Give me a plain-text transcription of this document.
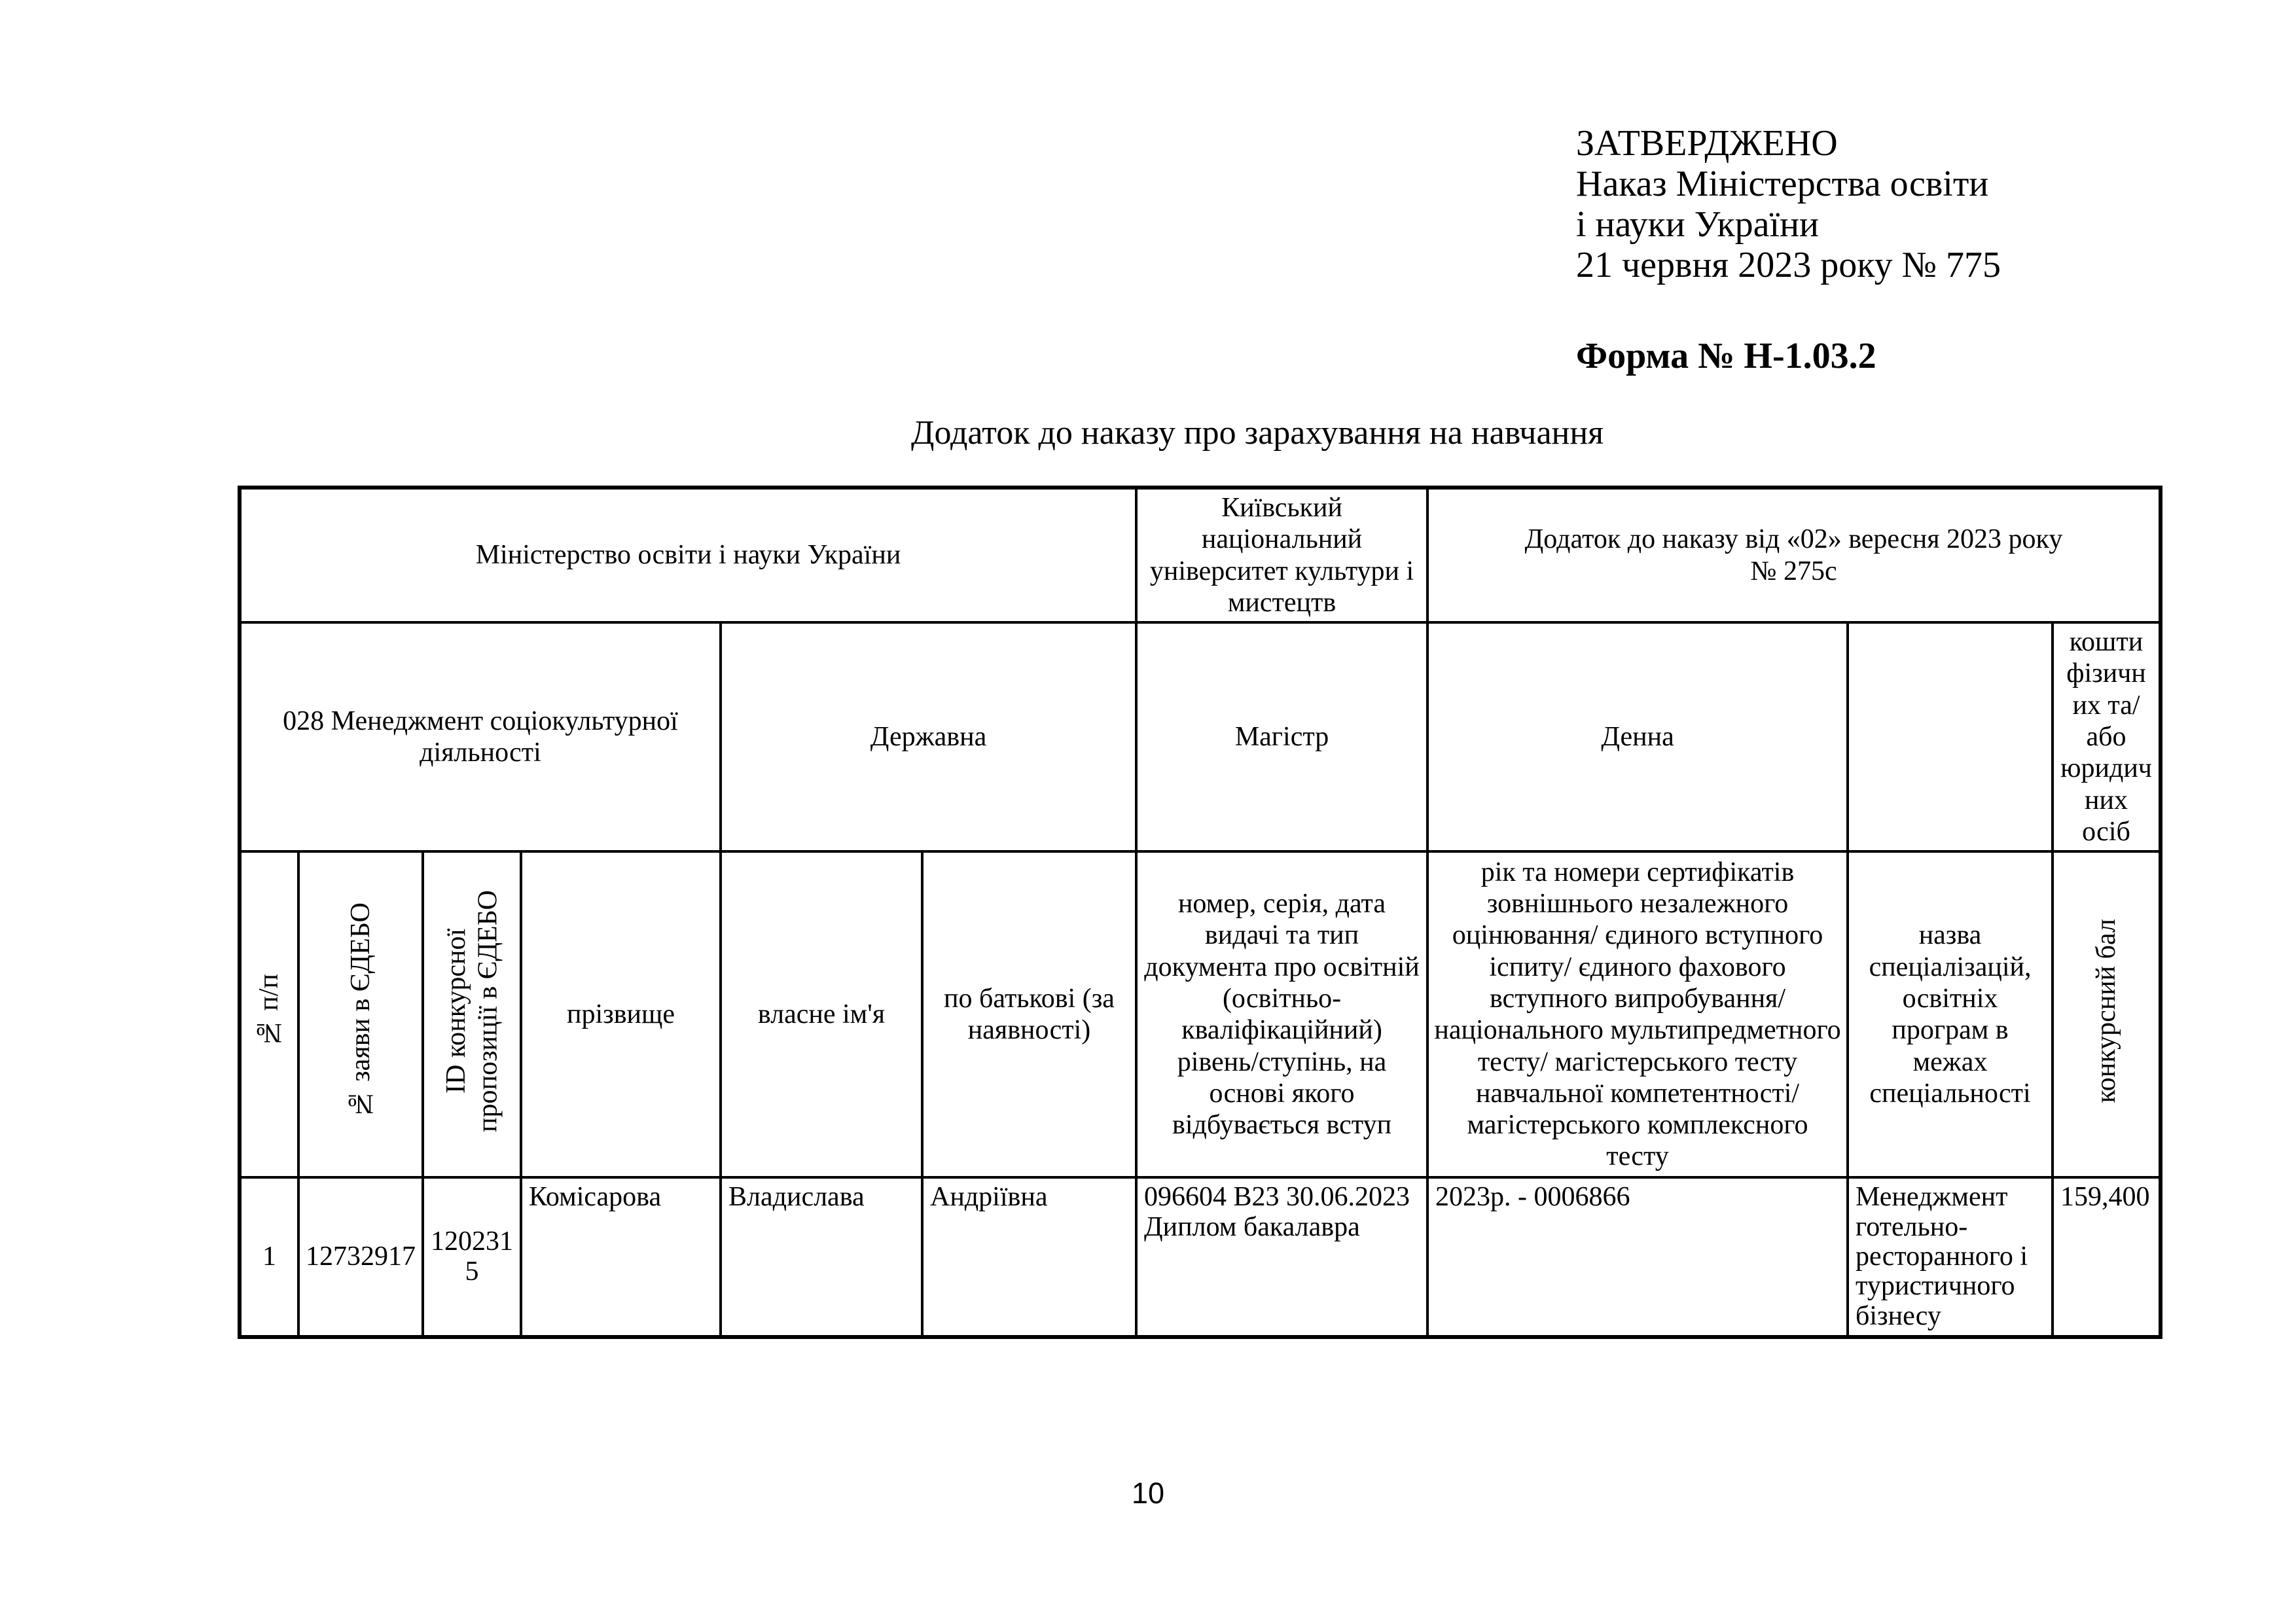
ЗАТВЕРДЖЕНО
Наказ Міністерства освіти
і науки України
21 червня 2023 року № 775
Форма № Н-1.03.2
Додаток до наказу про зарахування на навчання
Міністерство освіти і науки України						Київський національний університет культури і мистецтв	Додаток до наказу від «02» вересня 2023 року
№ 275с		

028 Менеджмент соціокультурної діяльності				Державна		Магістр	Денна		кошти фізичних та/або юридичних осіб
№ п/п	№ заяви в ЄДЕБО	ID конкурсної пропозиції в ЄДЕБО	прізвище	власне ім'я	по батькові (за наявності)	номер, серія, дата видачі та тип документа про освітній (освітньо-кваліфікаційний) рівень/ступінь, на основі якого відбувається вступ	рік та номери сертифікатів зовнішнього незалежного оцінювання/ єдиного вступного іспиту/ єдиного фахового вступного випробування/ національного мультипредметного тесту/ магістерського тесту навчальної компетентності/ магістерського комплексного тесту	назва спеціалізацій, освітніх програм в межах спеціальності	конкурсний бал
1	12732917	1202315	Комісарова	Владислава	Андріївна	096604 В23 30.06.2023 Диплом бакалавра	2023р. - 0006866	Менеджмент готельно-ресторанного і туристичного бізнесу	159,400
10
